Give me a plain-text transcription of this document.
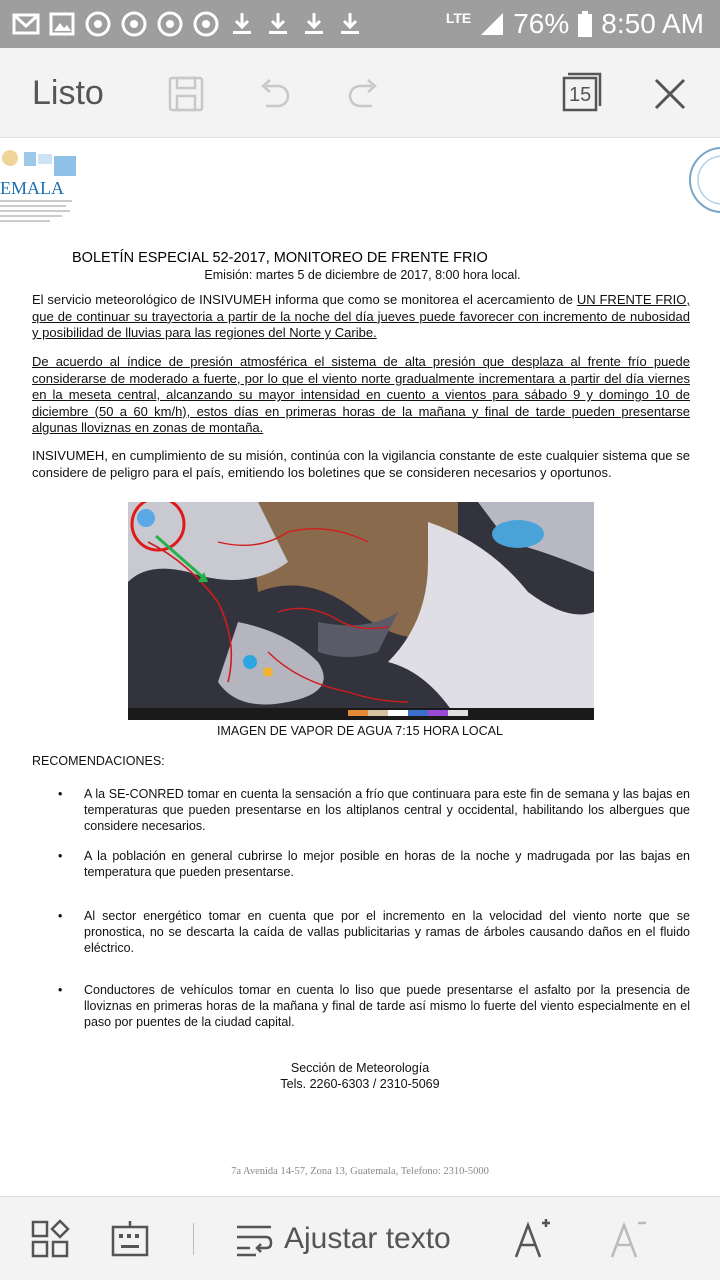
LTE 76% 8:50 AM
Listo	15
EMALA
BOLETÍN ESPECIAL 52-2017, MONITOREO DE FRENTE FRIO
Emisión: martes 5 de diciembre de 2017, 8:00 hora local.
El servicio meteorológico de INSIVUMEH informa que como se monitorea el acercamiento de UN FRENTE FRIO, que de continuar su trayectoria a partir de la noche del día jueves puede favorecer con incremento de nubosidad y posibilidad de lluvias para las regiones del Norte y Caribe.
De acuerdo al índice de presión atmosférica el sistema de alta presión que desplaza al frente frío puede considerarse de moderado a fuerte, por lo que el viento norte gradualmente incrementara a partir del día viernes en la meseta central, alcanzando su mayor intensidad en cuento a vientos para sábado 9 y domingo 10 de diciembre (50 a 60 km/h), estos días en primeras horas de la mañana y final de tarde pueden presentarse algunas lloviznas en zonas de montaña.
INSIVUMEH, en cumplimiento de su misión, continúa con la vigilancia constante de este cualquier sistema que se considere de peligro para el país, emitiendo los boletines que se consideren necesarios y oportunos.
IMAGEN DE VAPOR DE AGUA 7:15 HORA LOCAL
RECOMENDACIONES:
• A la SE-CONRED tomar en cuenta la sensación a frío que continuara para este fin de semana y las bajas en temperaturas que pueden presentarse en los altiplanos central y occidental, habilitando los albergues que considere necesarios.
• A la población en general cubrirse lo mejor posible en horas de la noche y madrugada por las bajas en temperatura que pueden presentarse.
• Al sector energético tomar en cuenta que por el incremento en la velocidad del viento norte que se pronostica, no se descarta la caída de vallas publicitarias y ramas de árboles causando daños en el fluido eléctrico.
• Conductores de vehículos tomar en cuenta lo liso que puede presentarse el asfalto por la presencia de lloviznas en primeras horas de la mañana y final de tarde así mismo lo fuerte del viento especialmente en el paso por puentes de la ciudad capital.
Sección de Meteorología
Tels. 2260-6303 / 2310-5069
7a Avenida 14-57, Zona 13, Guatemala, Telefono: 2310-5000
Ajustar texto
